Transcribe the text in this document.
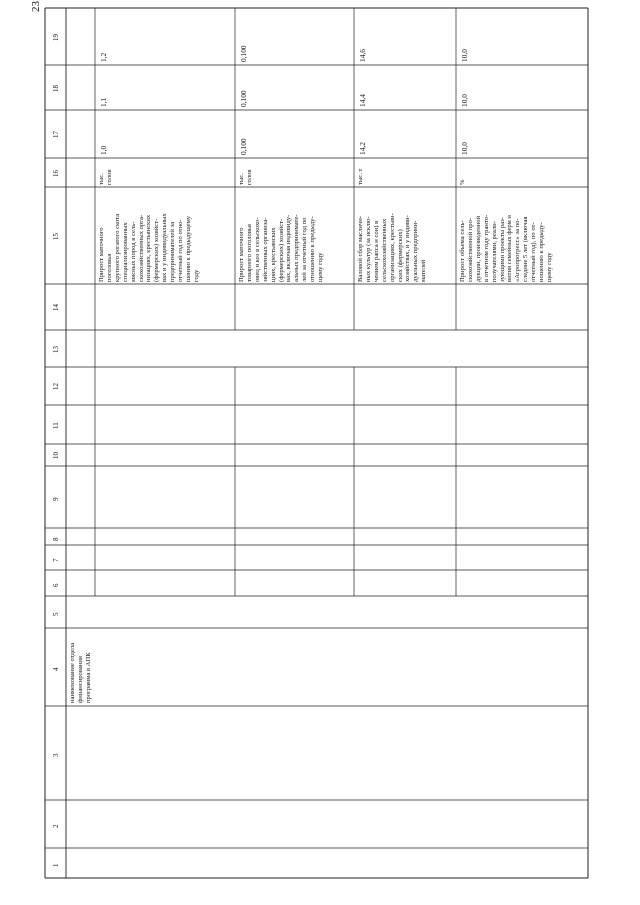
23
1
2
3
4
5
6
7
8
9
10
11
12
13
14
15
16
17
18
19
наименование отдела
финансирования
программа в АПК
Прирост маточного
поголовья
крупного рогатого скота
специализированных
мясных пород в сель-
скохозяйственных орга-
низациях, крестьянских
(фермерских) хозяйст-
вах и у индивидуальных
предпринимателей за
отчетный год по отно-
шению к предыдущему
году
тыс.
голов
1,0
1,1
1,2
Прирост маточного
товарного поголовья
овец и коз в сельскохо-
зяйственных организа-
циях, крестьянских
(фермерских) хозяйст-
вах, включая индивиду-
альных предпринимате-
лей за отчетный год по
отношению к предыду-
щему году
тыс.
голов
0,100
0,100
0,100
Валовой сбор масличн-
ных культур (за исклю-
чением рапса и сои) в
сельскохозяйственных
организациях, крестьян-
ских (фермерских)
хозяйствах, и у индиви-
дуальных предприни-
мателей
тыс. т
14,2
14,4
14,6
Прирост объема сель-
скохозяйственной про-
дукции, произведенной
в отчетном году гранто-
получателями, реали-
зующими проекты раз-
вития семейных ферм и
«Агропрогресс» за по-
следние 5 лет (включая
отчетный год), по от-
ношению к предыду-
щему году
%
10,0
10,0
10,0
